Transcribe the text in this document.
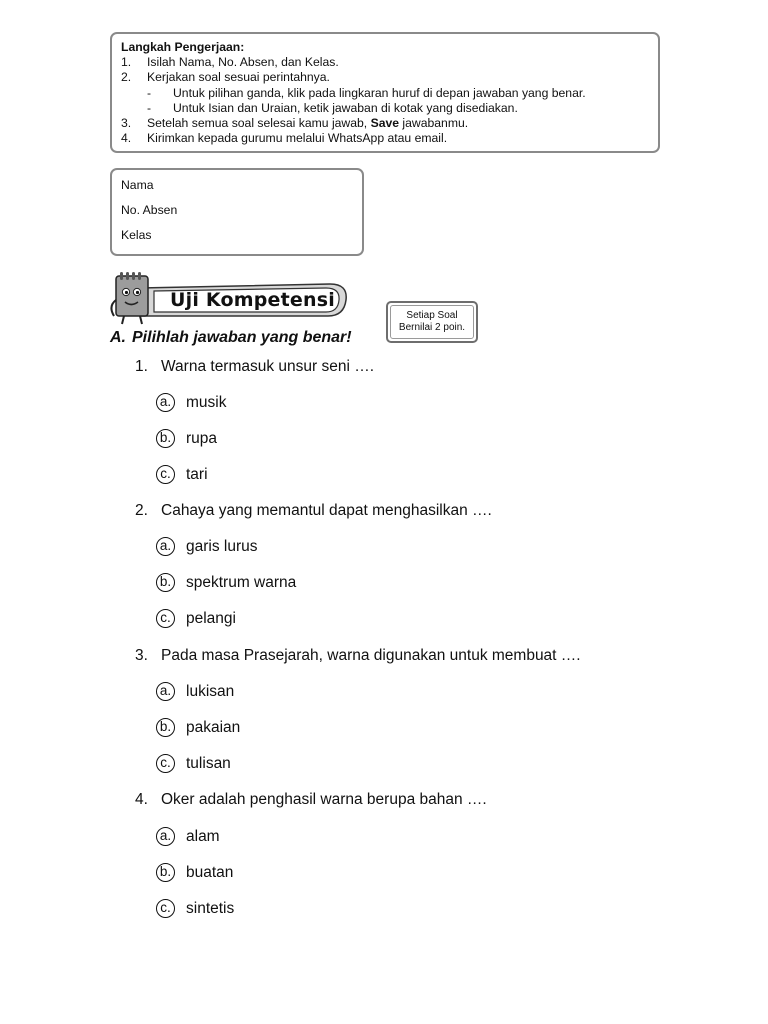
Langkah Pengerjaan:
1.	Isilah Nama, No. Absen, dan Kelas.
2.	Kerjakan soal sesuai perintahnya.
-	Untuk pilihan ganda, klik pada lingkaran huruf di depan jawaban yang benar.
-	Untuk Isian dan Uraian, ketik jawaban di kotak yang disediakan.
3.	Setelah semua soal selesai kamu jawab, Save jawabanmu.
4.	Kirimkan kepada gurumu melalui WhatsApp atau email.
Nama
No. Absen
Kelas
Uji Kompetensi
Setiap Soal
Bernilai 2 poin.
A. Pilihlah jawaban yang benar!
1. Warna termasuk unsur seni ….
a. musik
b. rupa
c. tari
2. Cahaya yang memantul dapat menghasilkan ….
a. garis lurus
b. spektrum warna
c. pelangi
3. Pada masa Prasejarah, warna digunakan untuk membuat ….
a. lukisan
b. pakaian
c. tulisan
4. Oker adalah penghasil warna berupa bahan ….
a. alam
b. buatan
c. sintetis
